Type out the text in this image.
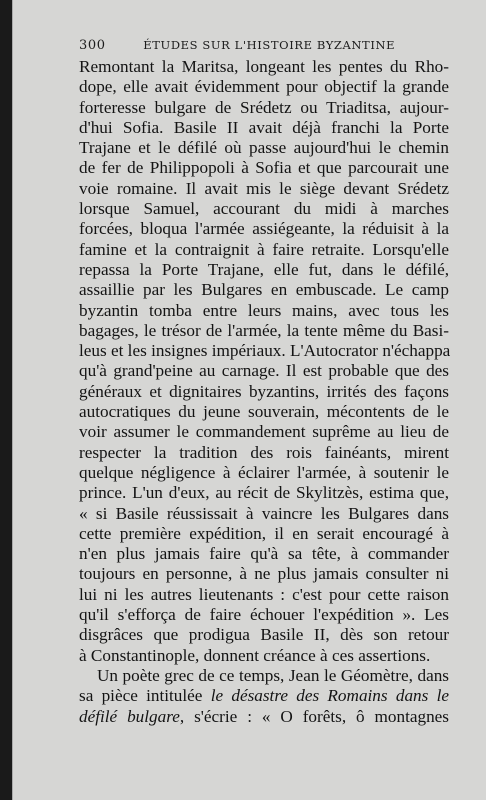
300	ÉTUDES SUR L'HISTOIRE BYZANTINE
Remontant la Maritsa, longeant les pentes du Rho-
dope, elle avait évidemment pour objectif la grande
forteresse bulgare de Srédetz ou Triaditsa, aujour-
d'hui Sofia. Basile II avait déjà franchi la Porte
Trajane et le défilé où passe aujourd'hui le chemin
de fer de Philippopoli à Sofia et que parcourait une
voie romaine. Il avait mis le siège devant Srédetz
lorsque Samuel, accourant du midi à marches
forcées, bloqua l'armée assiégeante, la réduisit à la
famine et la contraignit à faire retraite. Lorsqu'elle
repassa la Porte Trajane, elle fut, dans le défilé,
assaillie par les Bulgares en embuscade. Le camp
byzantin tomba entre leurs mains, avec tous les
bagages, le trésor de l'armée, la tente même du Basi-
leus et les insignes impériaux. L'Autocrator n'échappa
qu'à grand'peine au carnage. Il est probable que des
généraux et dignitaires byzantins, irrités des façons
autocratiques du jeune souverain, mécontents de le
voir assumer le commandement suprême au lieu de
respecter la tradition des rois fainéants, mirent
quelque négligence à éclairer l'armée, à soutenir le
prince. L'un d'eux, au récit de Skylitzès, estima que,
« si Basile réussissait à vaincre les Bulgares dans
cette première expédition, il en serait encouragé à
n'en plus jamais faire qu'à sa tête, à commander
toujours en personne, à ne plus jamais consulter ni
lui ni les autres lieutenants : c'est pour cette raison
qu'il s'efforça de faire échouer l'expédition ». Les
disgrâces que prodigua Basile II, dès son retour
à Constantinople, donnent créance à ces assertions.
Un poète grec de ce temps, Jean le Géomètre, dans
sa pièce intitulée le désastre des Romains dans le
défilé bulgare, s'écrie : « O forêts, ô montagnes
